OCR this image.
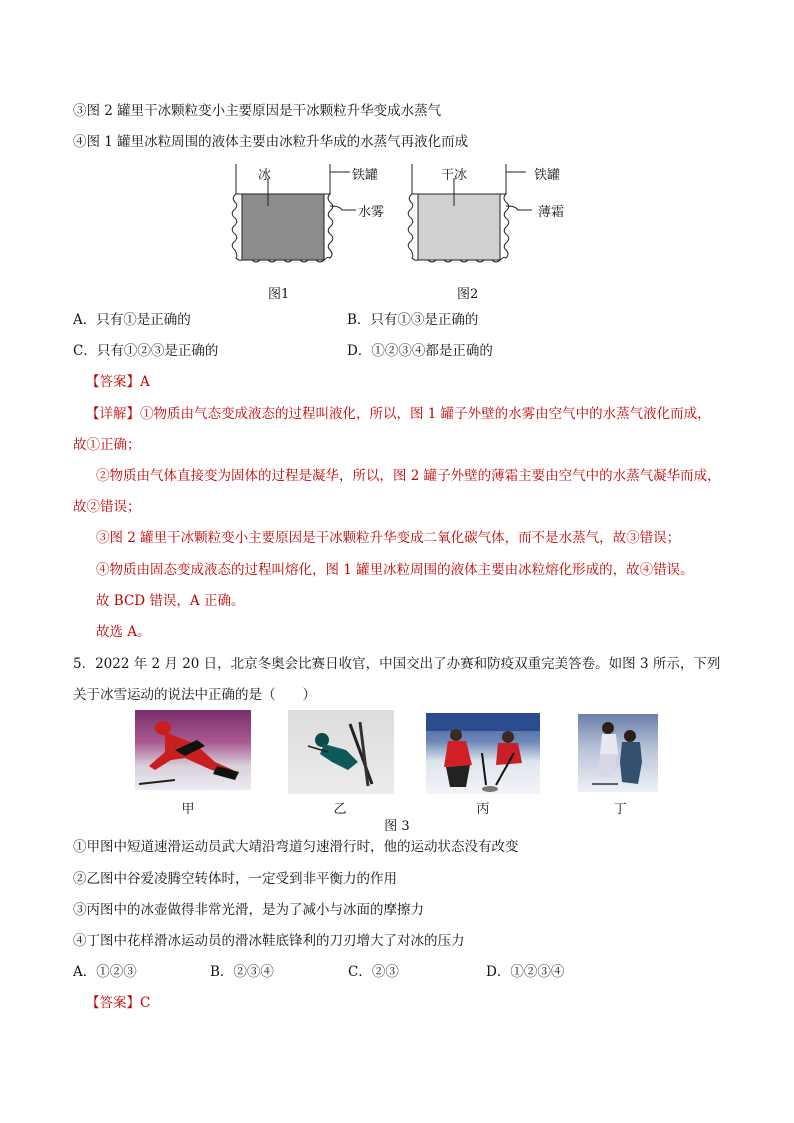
③图 2 罐里干冰颗粒变小主要原因是干冰颗粒升华变成水蒸气
④图 1 罐里冰粒周围的液体主要由冰粒升华成的水蒸气再液化而成
冰	铁罐
水雾
图1
干冰	铁罐
薄霜
图2
A．只有①是正确的	B．只有①③是正确的
C．只有①②③是正确的	D．①②③④都是正确的
【答案】A
【详解】①物质由气态变成液态的过程叫液化，所以，图 1 罐子外壁的水雾由空气中的水蒸气液化而成，
故①正确；
②物质由气体直接变为固体的过程是凝华，所以，图 2 罐子外壁的薄霜主要由空气中的水蒸气凝华而成，
故②错误；
③图 2 罐里干冰颗粒变小主要原因是干冰颗粒升华变成二氧化碳气体，而不是水蒸气，故③错误；
④物质由固态变成液态的过程叫熔化，图 1 罐里冰粒周围的液体主要由冰粒熔化形成的，故④错误。
故 BCD 错误，A 正确。
故选 A。
5．2022 年 2 月 20 日，北京冬奥会比赛日收官，中国交出了办赛和防疫双重完美答卷。如图 3 所示，下列
关于冰雪运动的说法中正确的是（　　）
甲	乙	丙	丁
图 3
①甲图中短道速滑运动员武大靖沿弯道匀速滑行时，他的运动状态没有改变
②乙图中谷爱凌腾空转体时，一定受到非平衡力的作用
③丙图中的冰壶做得非常光滑，是为了减小与冰面的摩擦力
④丁图中花样滑冰运动员的滑冰鞋底锋利的刀刃增大了对冰的压力
A．①②③	B．②③④	C．②③	D．①②③④
【答案】C
